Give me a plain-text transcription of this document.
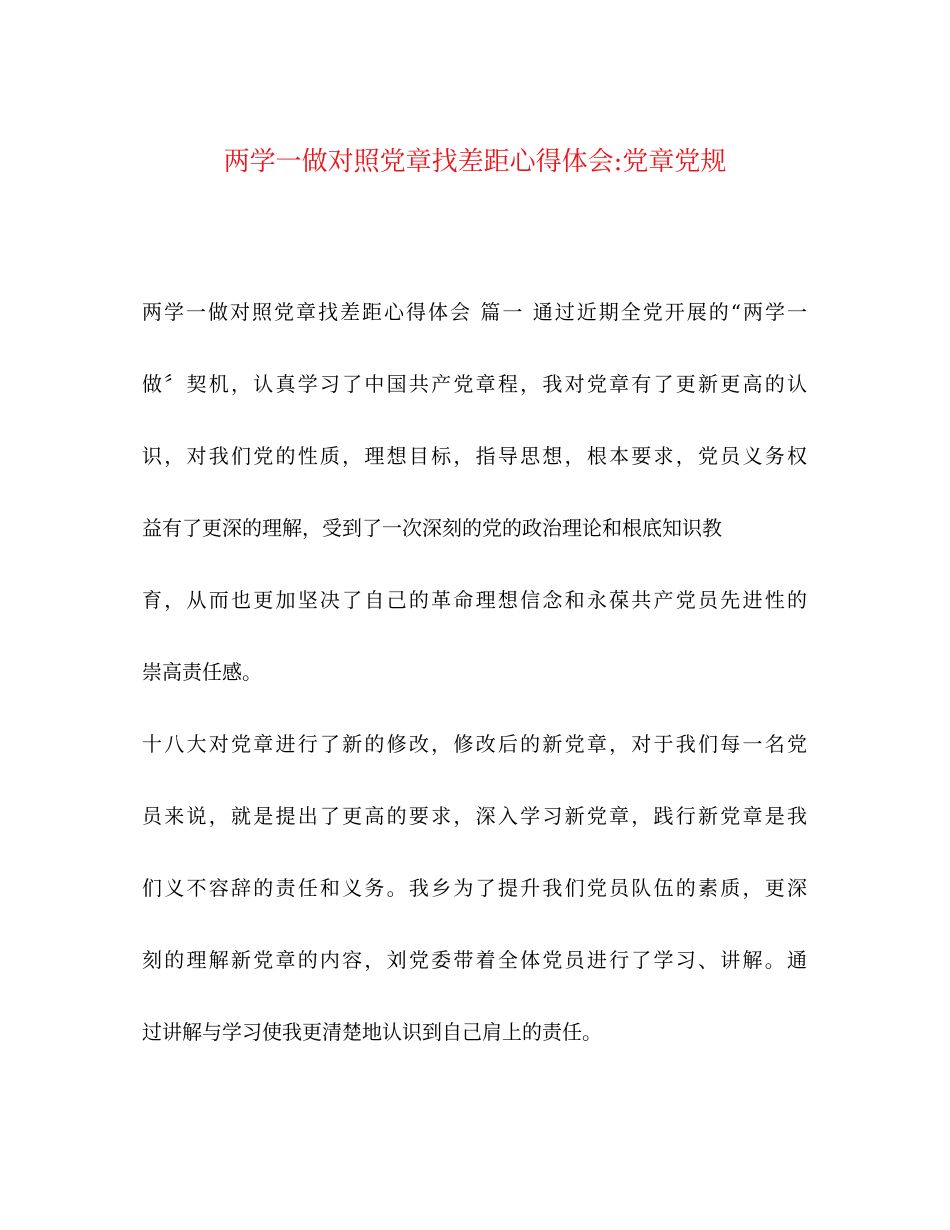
两学一做对照党章找差距心得体会:党章党规
两学一做对照党章找差距心得体会 篇一 通过近期全党开展的“两学一
做〞契机，认真学习了中国共产党章程，我对党章有了更新更高的认
识，对我们党的性质，理想目标，指导思想，根本要求，党员义务权
益有了更深的理解，受到了一次深刻的党的政治理论和根底知识教
育，从而也更加坚决了自己的革命理想信念和永葆共产党员先进性的
崇高责任感。
十八大对党章进行了新的修改，修改后的新党章，对于我们每一名党
员来说，就是提出了更高的要求，深入学习新党章，践行新党章是我
们义不容辞的责任和义务。我乡为了提升我们党员队伍的素质，更深
刻的理解新党章的内容，刘党委带着全体党员进行了学习、讲解。通
过讲解与学习使我更清楚地认识到自己肩上的责任。
